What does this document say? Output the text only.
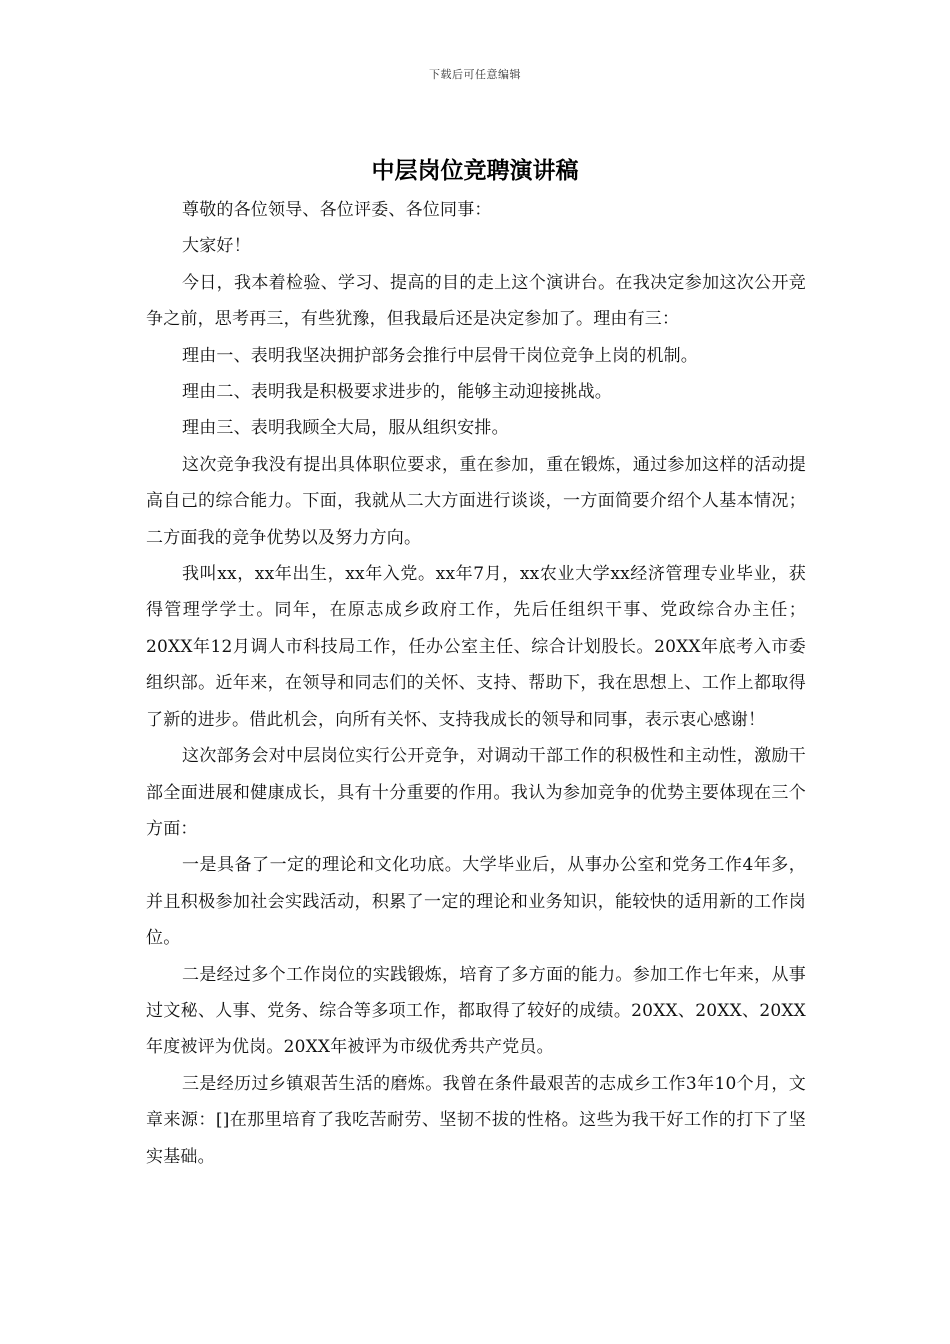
下载后可任意编辑
中层岗位竞聘演讲稿

尊敬的各位领导、各位评委、各位同事：

大家好！

今日，我本着检验、学习、提高的目的走上这个演讲台。在我决定参加这次公开竞争之前，思考再三，有些犹豫，但我最后还是决定参加了。理由有三：

理由一、表明我坚决拥护部务会推行中层骨干岗位竞争上岗的机制。

理由二、表明我是积极要求进步的，能够主动迎接挑战。

理由三、表明我顾全大局，服从组织安排。

这次竞争我没有提出具体职位要求，重在参加，重在锻炼，通过参加这样的活动提高自己的综合能力。下面，我就从二大方面进行谈谈，一方面简要介绍个人基本情况；二方面我的竞争优势以及努力方向。

我叫xx，xx年出生，xx年入党。xx年7月，xx农业大学xx经济管理专业毕业，获得管理学学士。同年，在原志成乡政府工作，先后任组织干事、党政综合办主任；20XX年12月调人市科技局工作，任办公室主任、综合计划股长。20XX年底考入市委组织部。近年来，在领导和同志们的关怀、支持、帮助下，我在思想上、工作上都取得了新的进步。借此机会，向所有关怀、支持我成长的领导和同事，表示衷心感谢！

这次部务会对中层岗位实行公开竞争，对调动干部工作的积极性和主动性，激励干部全面进展和健康成长，具有十分重要的作用。我认为参加竞争的优势主要体现在三个方面：

一是具备了一定的理论和文化功底。大学毕业后，从事办公室和党务工作4年多，并且积极参加社会实践活动，积累了一定的理论和业务知识，能较快的适用新的工作岗位。

二是经过多个工作岗位的实践锻炼，培育了多方面的能力。参加工作七年来，从事过文秘、人事、党务、综合等多项工作，都取得了较好的成绩。20XX、20XX、20XX年度被评为优岗。20XX年被评为市级优秀共产党员。

三是经历过乡镇艰苦生活的磨炼。我曾在条件最艰苦的志成乡工作3年10个月，文章来源：[]在那里培育了我吃苦耐劳、坚韧不拔的性格。这些为我干好工作的打下了坚实基础。
